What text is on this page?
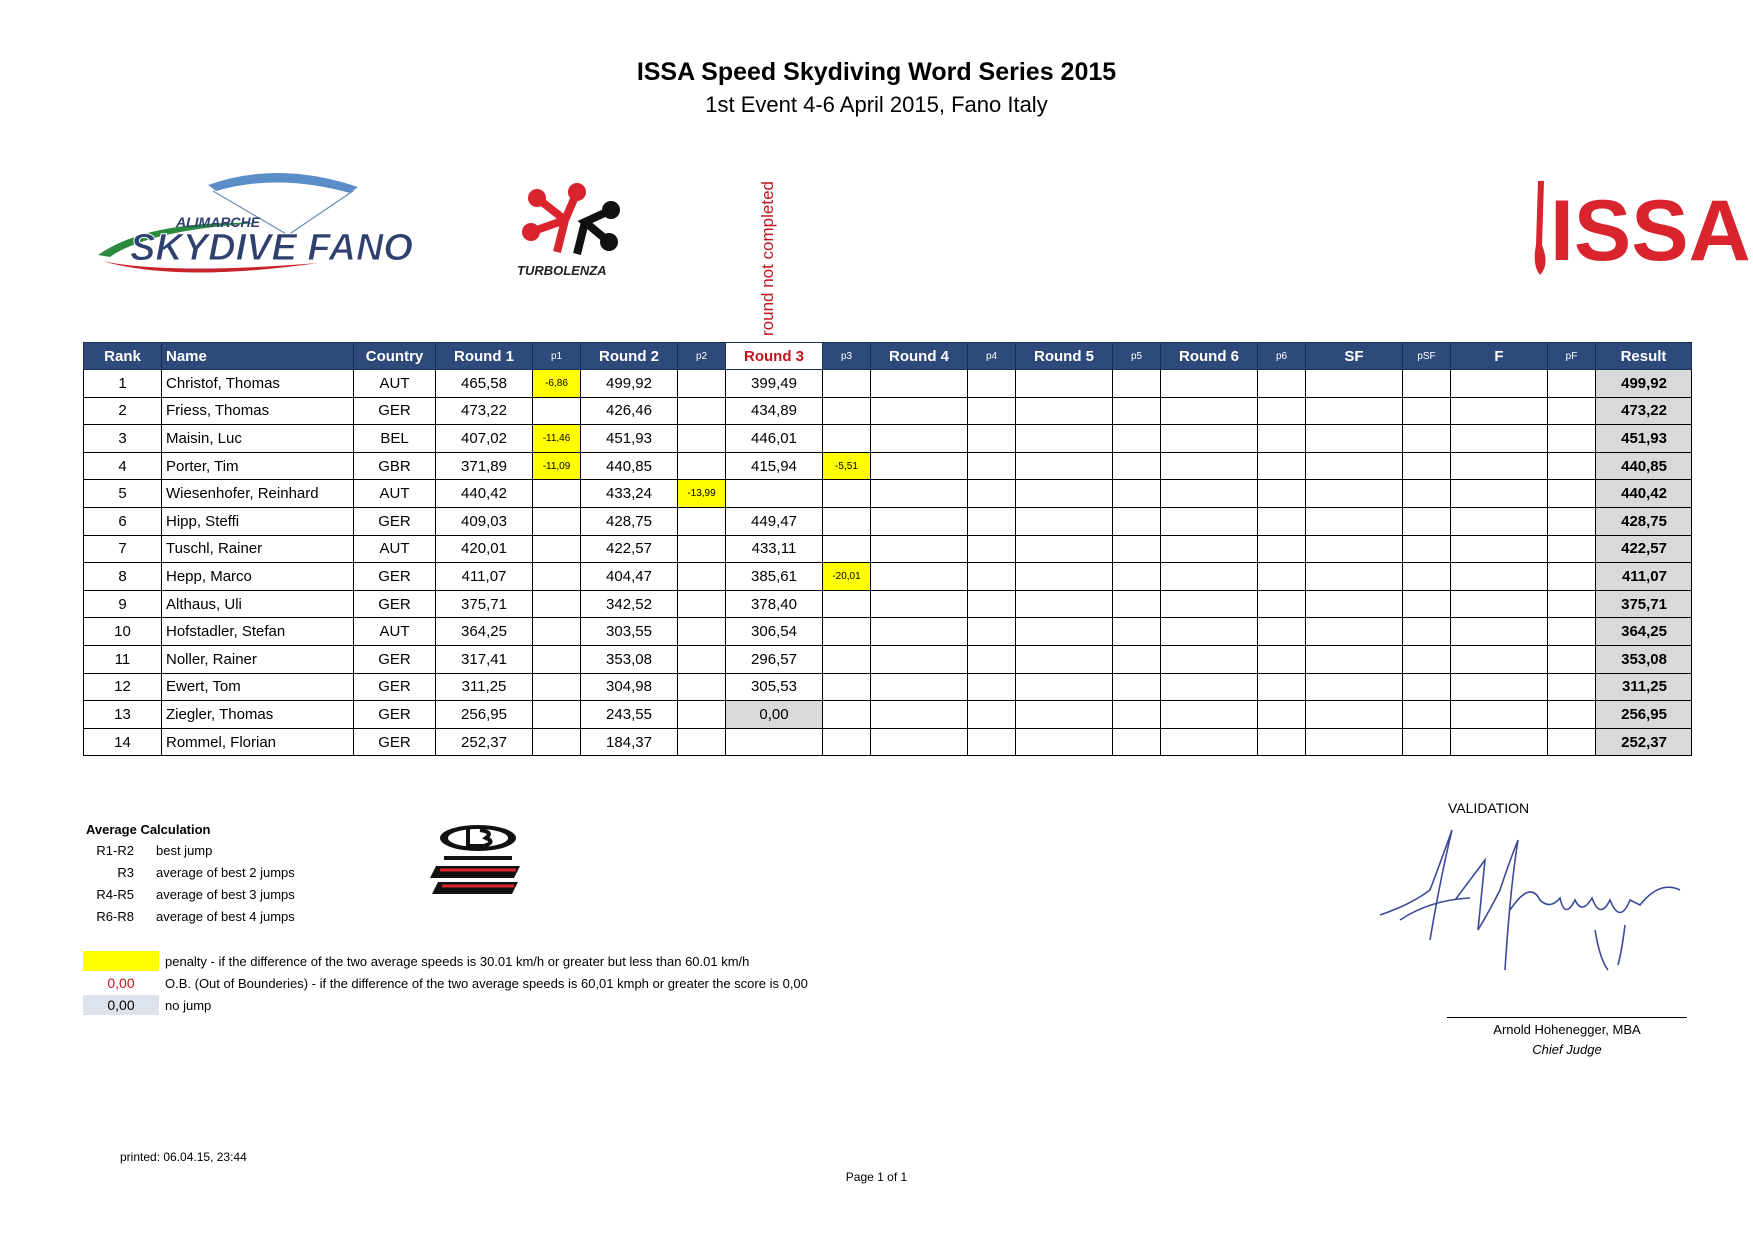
ISSA Speed Skydiving Word Series 2015
1st Event 4-6 April 2015, Fano Italy
ALIMARCHE
SKYDIVE FANO
TURBOLENZA	ISSA
round not completed
Rank	Name	Country	Round 1	p1	Round 2	p2	Round 3	p3	Round 4	p4	Round 5	p5	Round 6	p6	SF	pSF	F	pF	Result
1	Christof, Thomas	AUT	465,58	-6,86	499,92		399,49												499,92
2	Friess, Thomas	GER	473,22		426,46		434,89												473,22
3	Maisin, Luc	BEL	407,02	-11,46	451,93		446,01												451,93
4	Porter, Tim	GBR	371,89	-11,09	440,85		415,94	-5,51											440,85
5	Wiesenhofer, Reinhard	AUT	440,42		433,24	-13,99													440,42
6	Hipp, Steffi	GER	409,03		428,75		449,47												428,75
7	Tuschl, Rainer	AUT	420,01		422,57		433,11												422,57
8	Hepp, Marco	GER	411,07		404,47		385,61	-20,01											411,07
9	Althaus, Uli	GER	375,71		342,52		378,40												375,71
10	Hofstadler, Stefan	AUT	364,25		303,55		306,54												364,25
11	Noller, Rainer	GER	317,41		353,08		296,57												353,08
12	Ewert, Tom	GER	311,25		304,98		305,53												311,25
13	Ziegler, Thomas	GER	256,95		243,55		0,00												256,95
14	Rommel, Florian	GER	252,37		184,37														252,37
Average Calculation
R1-R2	best jump
R3	average of best 2 jumps
R4-R5	average of best 3 jumps
R6-R8	average of best 4 jumps
penalty - if the difference of the two average speeds is 30.01 km/h or greater but less than 60.01 km/h
0,00	O.B. (Out of Bounderies) - if the difference of the two average speeds is 60,01 kmph or greater the score is 0,00
0,00	no jump
VALIDATION
Arnold Hohenegger, MBA
Chief Judge
printed: 06.04.15, 23:44
Page 1 of 1
